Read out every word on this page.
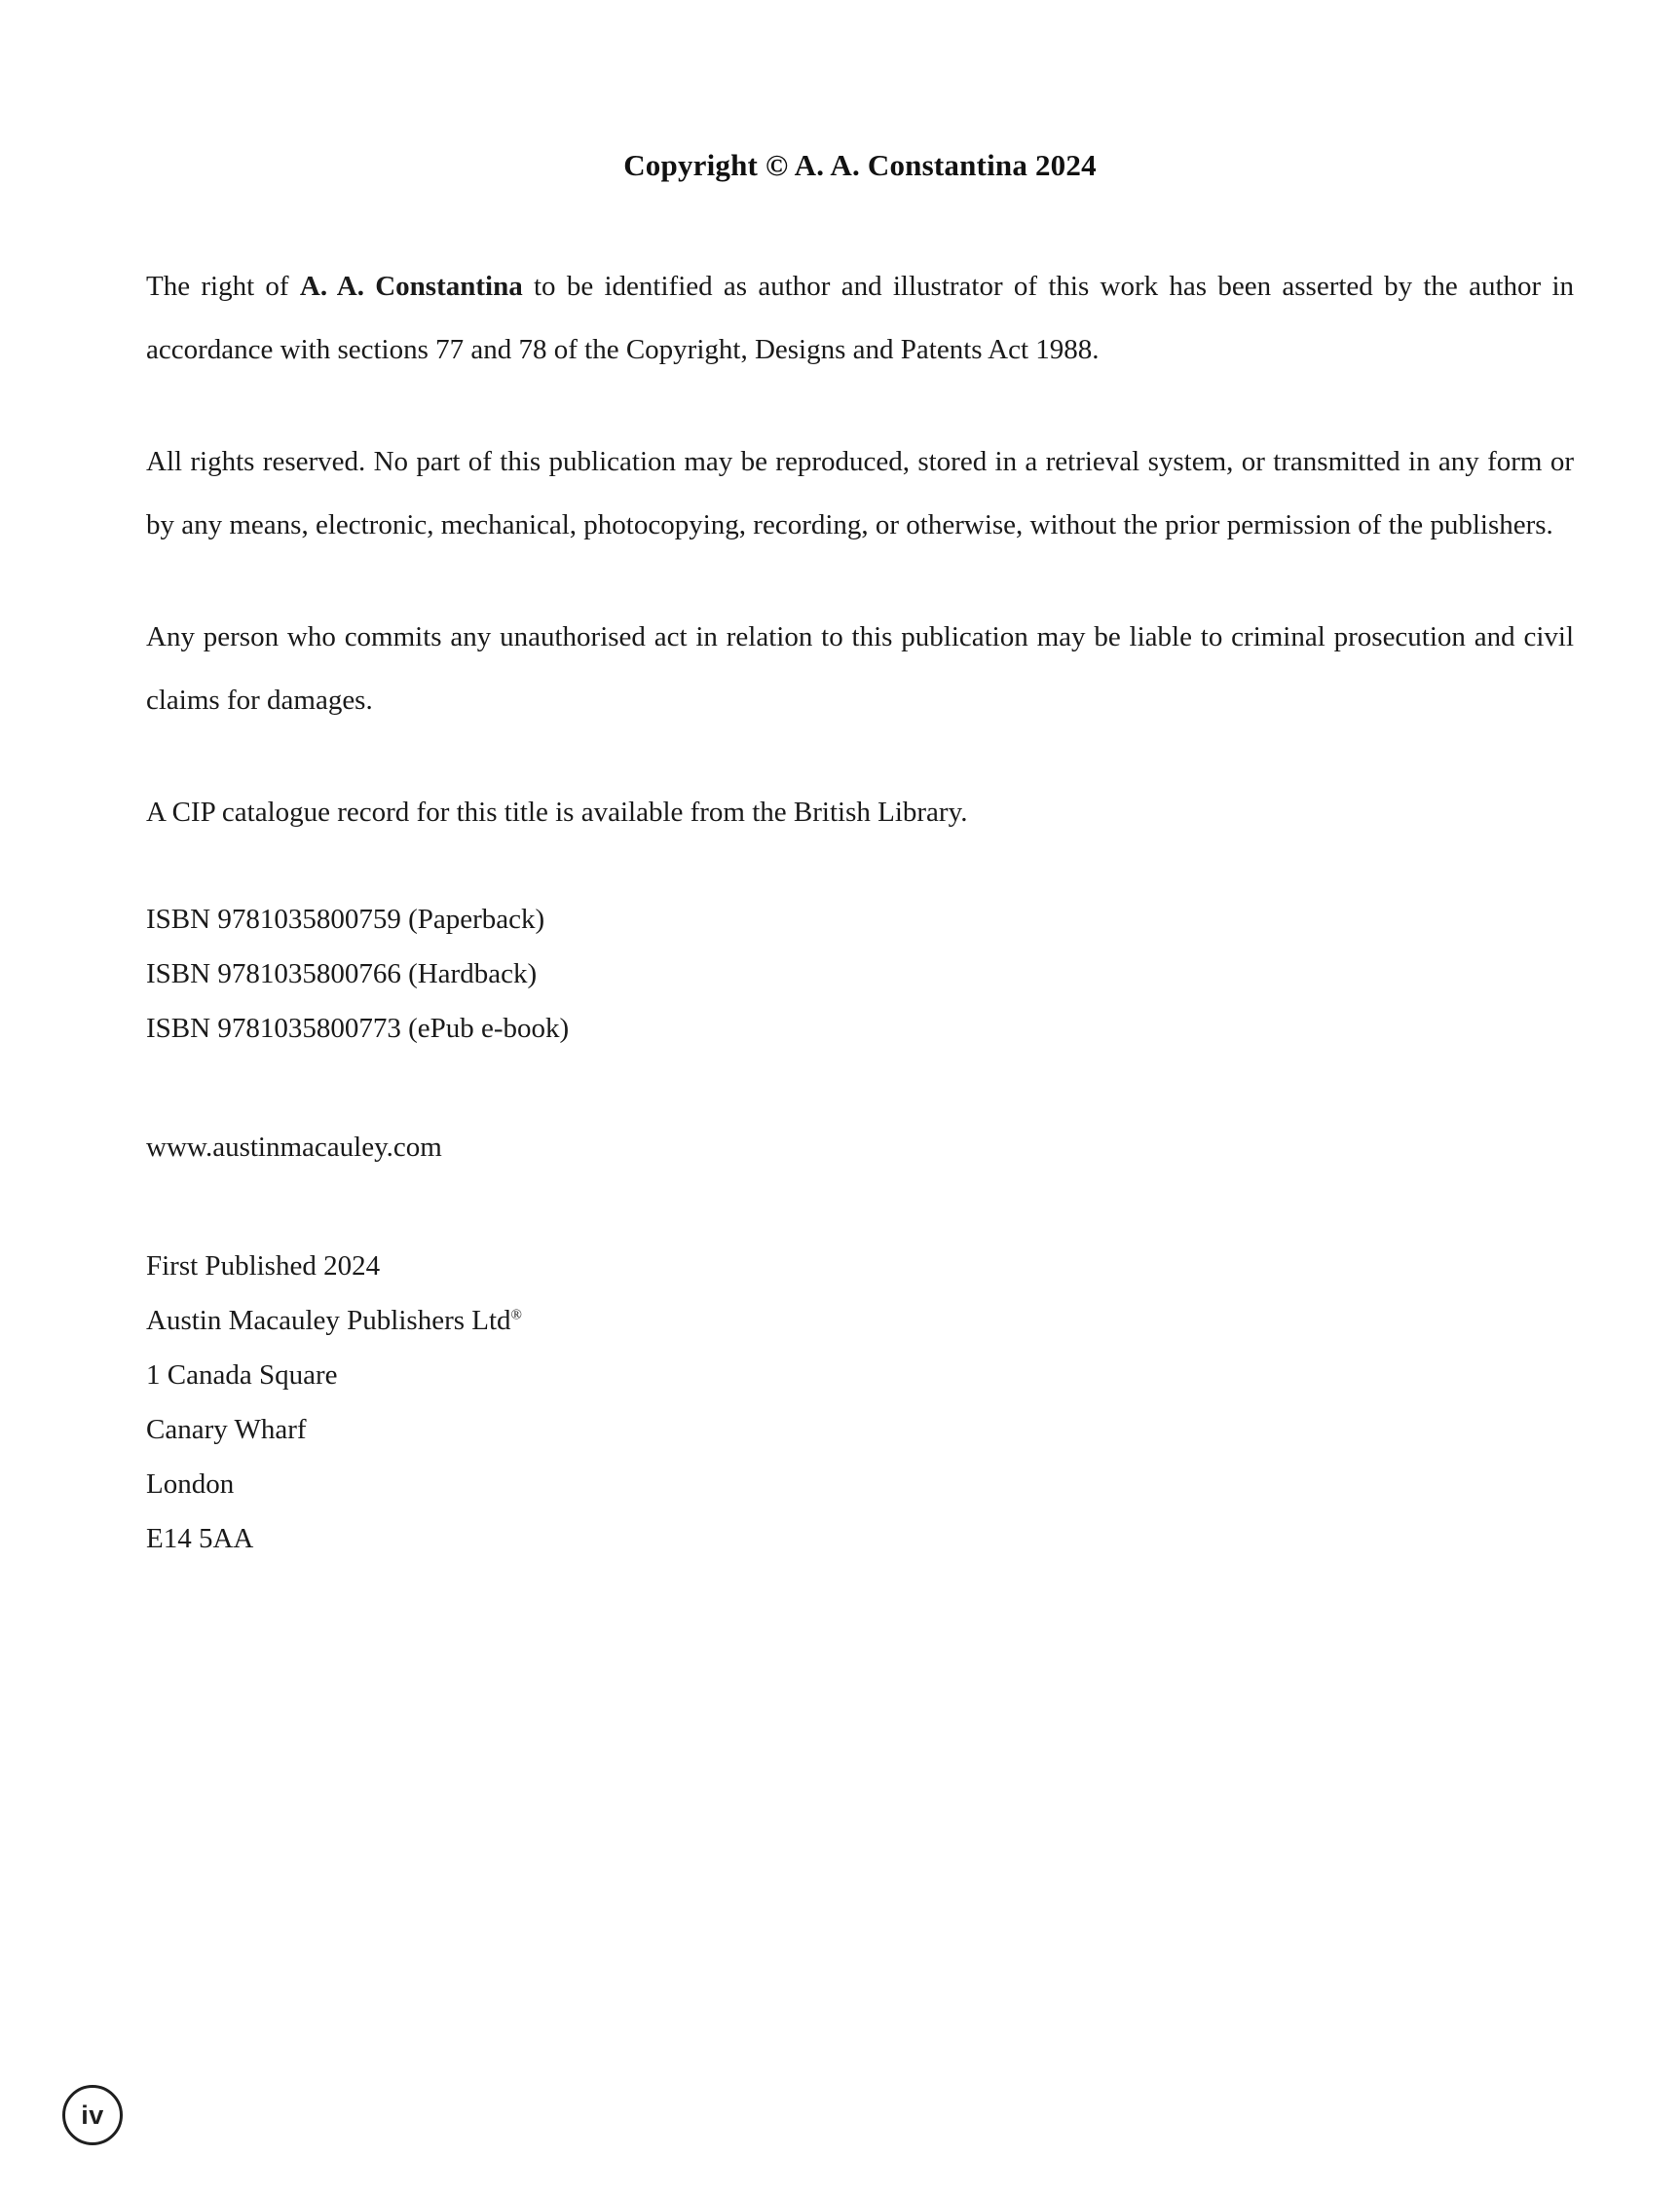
Copyright © A. A. Constantina 2024

The right of A. A. Constantina to be identified as author and illustrator of this work has been asserted by the author in accordance with sections 77 and 78 of the Copyright, Designs and Patents Act 1988.

All rights reserved. No part of this publication may be reproduced, stored in a retrieval system, or transmitted in any form or by any means, electronic, mechanical, photocopying, recording, or otherwise, without the prior permission of the publishers.

Any person who commits any unauthorised act in relation to this publication may be liable to criminal prosecution and civil claims for damages.

A CIP catalogue record for this title is available from the British Library.

ISBN 9781035800759 (Paperback)
ISBN 9781035800766 (Hardback)
ISBN 9781035800773 (ePub e-book)
www.austinmacauley.com
First Published 2024
Austin Macauley Publishers Ltd®
1 Canada Square
Canary Wharf
London
E14 5AA
iv
